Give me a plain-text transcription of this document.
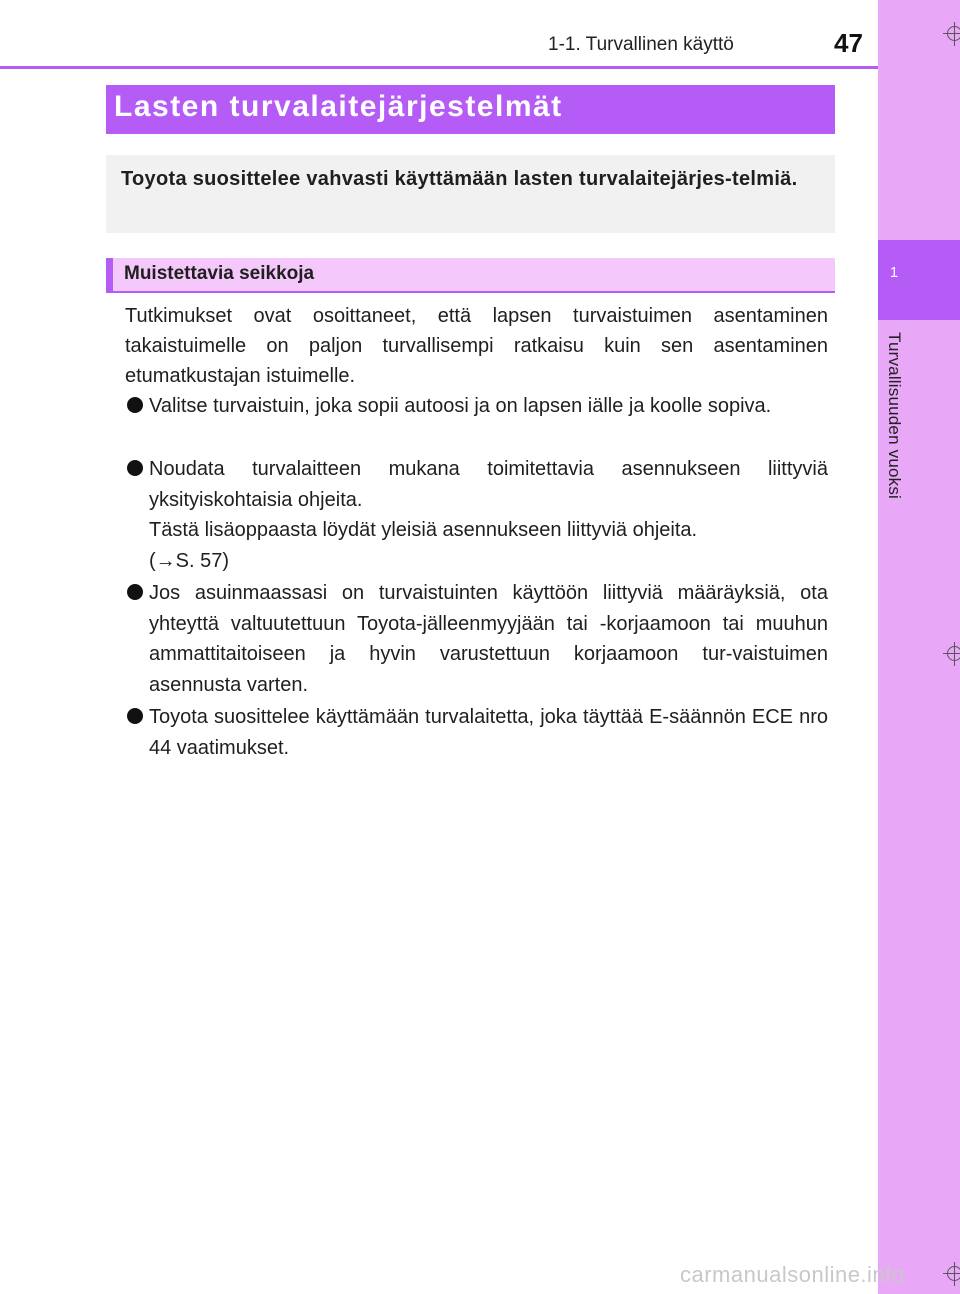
1-1. Turvallinen käyttö	47
1
Turvallisuuden vuoksi
Lasten turvalaitejärjestelmät
Toyota suosittelee vahvasti käyttämään lasten turvalaitejärjes-telmiä.
Muistettavia seikkoja
Tutkimukset ovat osoittaneet, että lapsen turvaistuimen asentaminen takaistuimelle on paljon turvallisempi ratkaisu kuin sen asentaminen etumatkustajan istuimelle.
Valitse turvaistuin, joka sopii autoosi ja on lapsen iälle ja koolle sopiva.
Noudata turvalaitteen mukana toimitettavia asennukseen liittyviä yksityiskohtaisia ohjeita.
Tästä lisäoppaasta löydät yleisiä asennukseen liittyviä ohjeita.
(→S. 57)
Jos asuinmaassasi on turvaistuinten käyttöön liittyviä määräyksiä, ota yhteyttä valtuutettuun Toyota-jälleenmyyjään tai -korjaamoon tai muuhun ammattitaitoiseen ja hyvin varustettuun korjaamoon tur-vaistuimen asennusta varten.
Toyota suosittelee käyttämään turvalaitetta, joka täyttää E-säännön ECE nro 44 vaatimukset.
carmanualsonline.info
